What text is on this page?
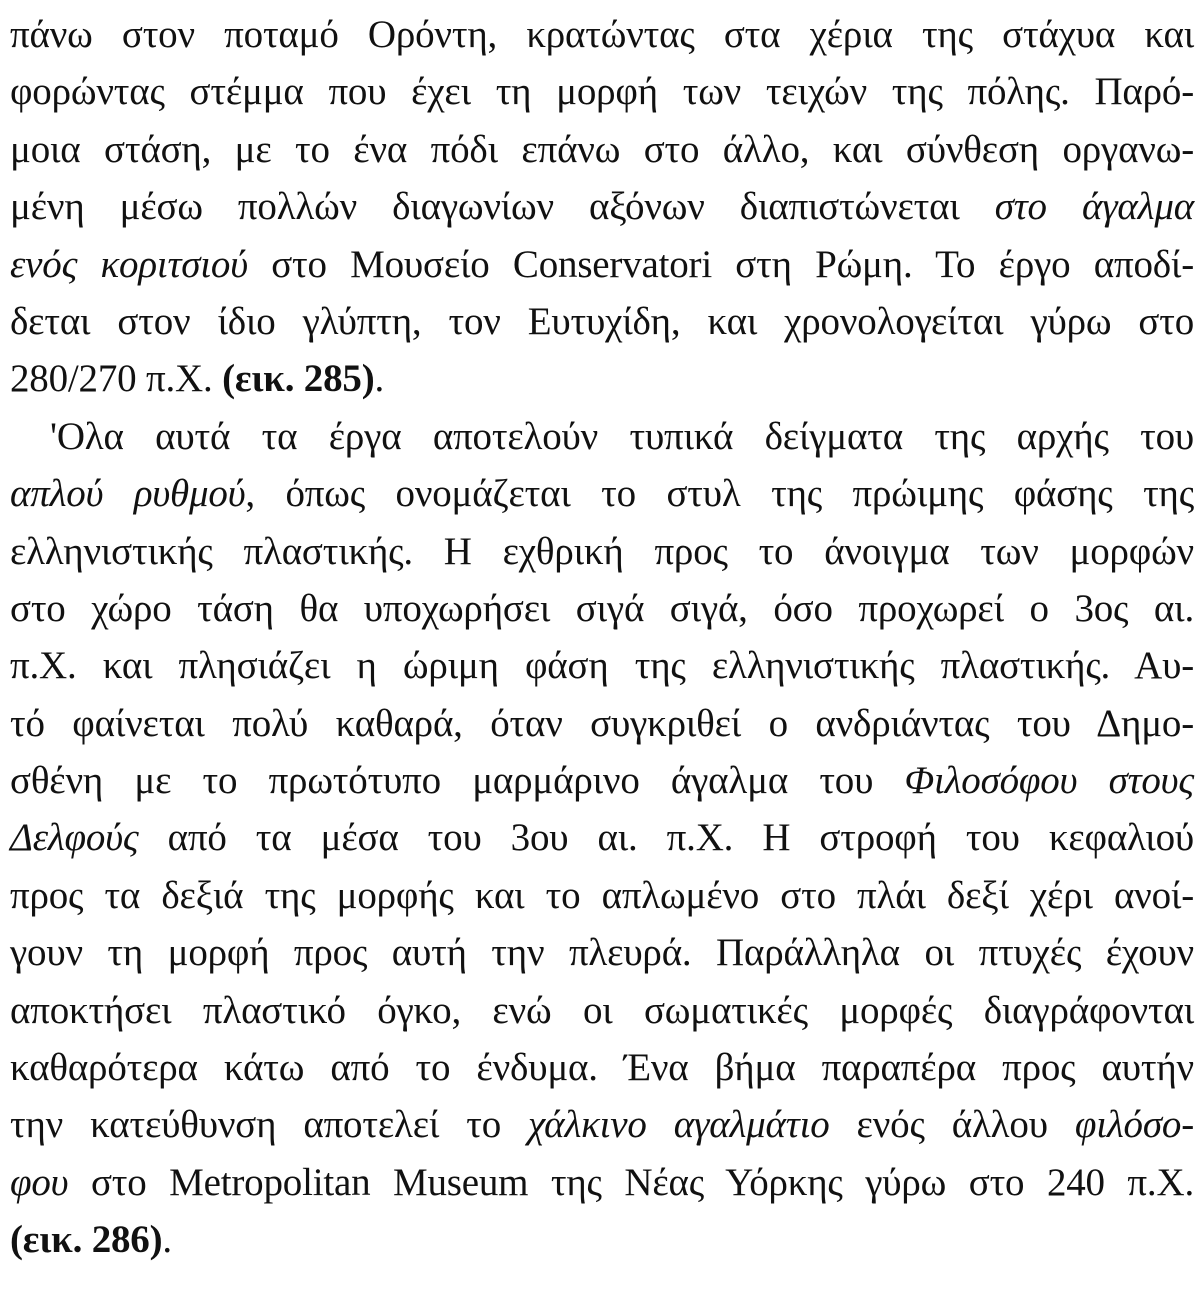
πάνω στον ποταμό Ορόντη, κρατώντας στα χέρια της στάχυα και
φορώντας στέμμα που έχει τη μορφή των τειχών της πόλης. Παρό-
μοια στάση, με το ένα πόδι επάνω στο άλλο, και σύνθεση οργανω-
μένη μέσω πολλών διαγωνίων αξόνων διαπιστώνεται στο άγαλμα
ενός κοριτσιού στο Μουσείο Conservatori στη Ρώμη. Το έργο αποδί-
δεται στον ίδιο γλύπτη, τον Ευτυχίδη, και χρονολογείται γύρω στο
280/270 π.Χ. (εικ. 285).
'Ολα αυτά τα έργα αποτελούν τυπικά δείγματα της αρχής του
απλού ρυθμού, όπως ονομάζεται το στυλ της πρώιμης φάσης της
ελληνιστικής πλαστικής. Η εχθρική προς το άνοιγμα των μορφών
στο χώρο τάση θα υποχωρήσει σιγά σιγά, όσο προχωρεί ο 3ος αι.
π.Χ. και πλησιάζει η ώριμη φάση της ελληνιστικής πλαστικής. Αυ-
τό φαίνεται πολύ καθαρά, όταν συγκριθεί ο ανδριάντας του Δημο-
σθένη με το πρωτότυπο μαρμάρινο άγαλμα του Φιλοσόφου στους
Δελφούς από τα μέσα του 3ου αι. π.Χ. Η στροφή του κεφαλιού
προς τα δεξιά της μορφής και το απλωμένο στο πλάι δεξί χέρι ανοί-
γουν τη μορφή προς αυτή την πλευρά. Παράλληλα οι πτυχές έχουν
αποκτήσει πλαστικό όγκο, ενώ οι σωματικές μορφές διαγράφονται
καθαρότερα κάτω από το ένδυμα. Ένα βήμα παραπέρα προς αυτήν
την κατεύθυνση αποτελεί το χάλκινο αγαλμάτιο ενός άλλου φιλόσο-
φου στο Metropolitan Museum της Νέας Υόρκης γύρω στο 240 π.Χ.
(εικ. 286).
